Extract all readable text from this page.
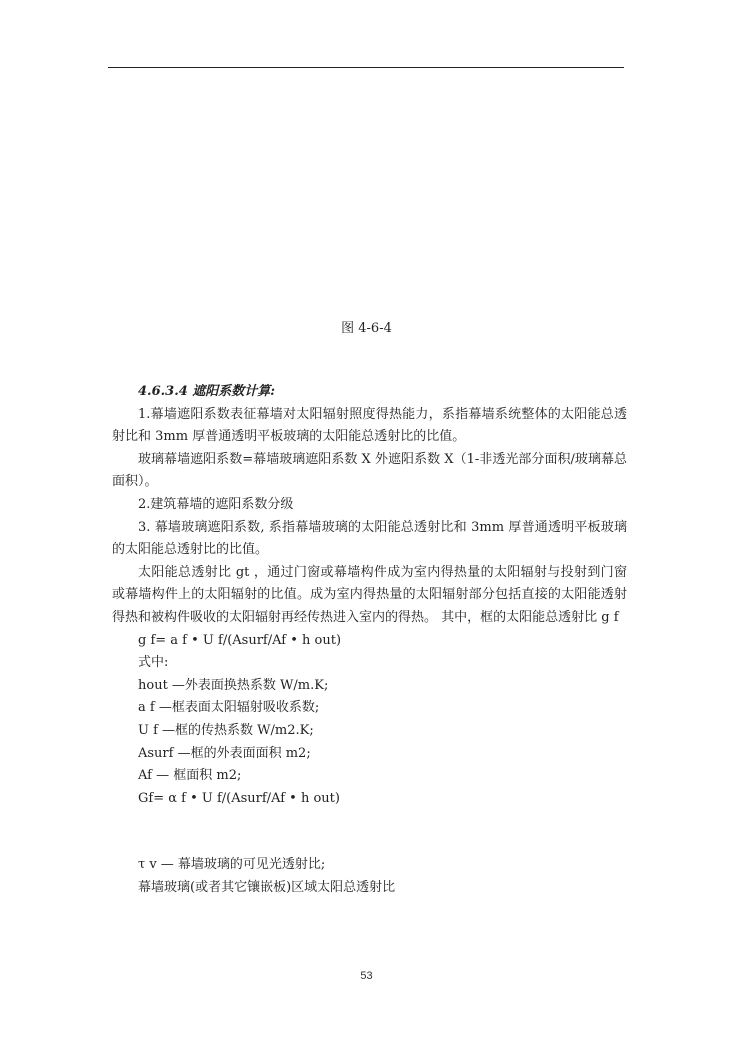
图 4-6-4

4.6.3.4 遮阳系数计算:

1.幕墙遮阳系数表征幕墙对太阳辐射照度得热能力，系指幕墙系统整体的太阳能总透射比和 3mm 厚普通透明平板玻璃的太阳能总透射比的比值。

玻璃幕墙遮阳系数=幕墙玻璃遮阳系数 X 外遮阳系数 X（1-非透光部分面积/玻璃幕总面积）。

2.建筑幕墙的遮阳系数分级

3. 幕墙玻璃遮阳系数, 系指幕墙玻璃的太阳能总透射比和 3mm 厚普通透明平板玻璃的太阳能总透射比的比值。

太阳能总透射比 gt ，通过门窗或幕墙构件成为室内得热量的太阳辐射与投射到门窗或幕墙构件上的太阳辐射的比值。成为室内得热量的太阳辐射部分包括直接的太阳能透射得热和被构件吸收的太阳辐射再经传热进入室内的得热。 其中，框的太阳能总透射比 g f

g f= a f • U f/(Asurf/Af • h out)

式中:

hout —外表面换热系数 W/m.K;

a f —框表面太阳辐射吸收系数;

U f —框的传热系数 W/m2.K;

Asurf —框的外表面面积 m2;

Af — 框面积 m2;

Gf= α f • U f/(Asurf/Af • h out)

τ v — 幕墙玻璃的可见光透射比;

幕墙玻璃(或者其它镶嵌板)区域太阳总透射比

53
